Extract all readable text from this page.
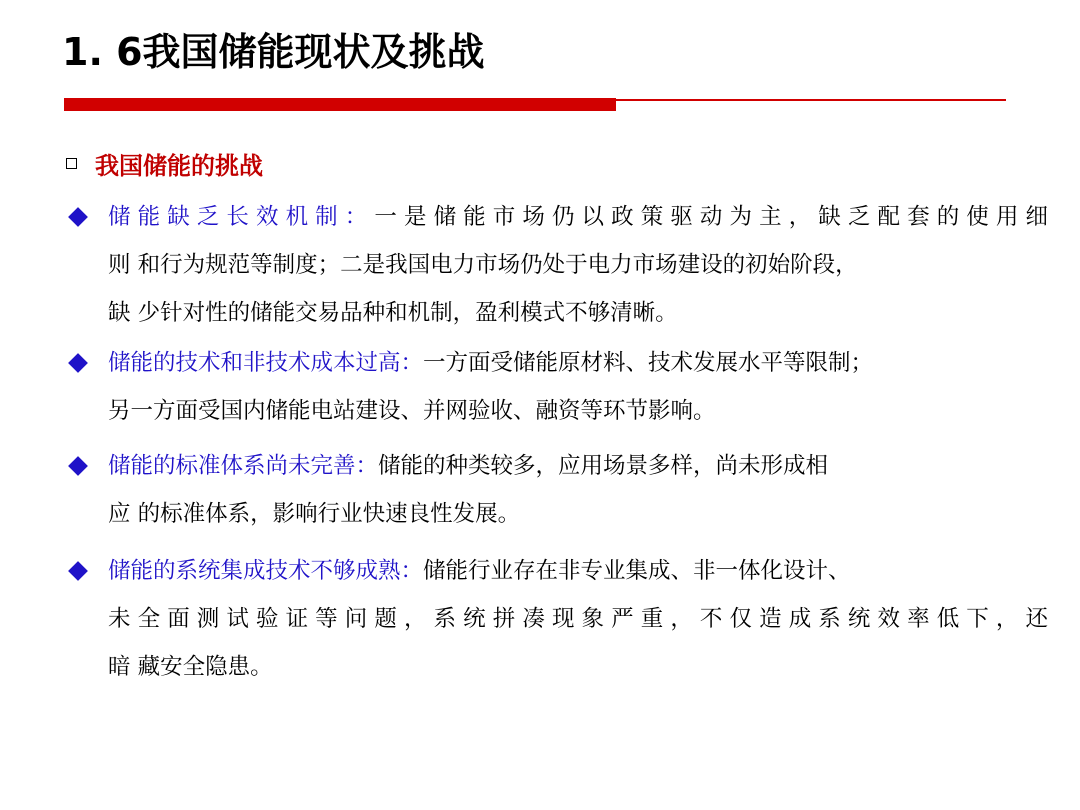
1. 6我国储能现状及挑战
我国储能的挑战
储能缺乏长效机制：一是储能市场仍以政策驱动为主，缺乏配套的使用细
则 和行为规范等制度；二是我国电力市场仍处于电力市场建设的初始阶段，
缺 少针对性的储能交易品种和机制，盈利模式不够清晰。
储能的技术和非技术成本过高：一方面受储能原材料、技术发展水平等限制；
另一方面受国内储能电站建设、并网验收、融资等环节影响。
储能的标准体系尚未完善：储能的种类较多，应用场景多样，尚未形成相
应 的标准体系，影响行业快速良性发展。
储能的系统集成技术不够成熟：储能行业存在非专业集成、非一体化设计、
未全面测试验证等问题，系统拼凑现象严重，不仅造成系统效率低下，还
暗 藏安全隐患。
